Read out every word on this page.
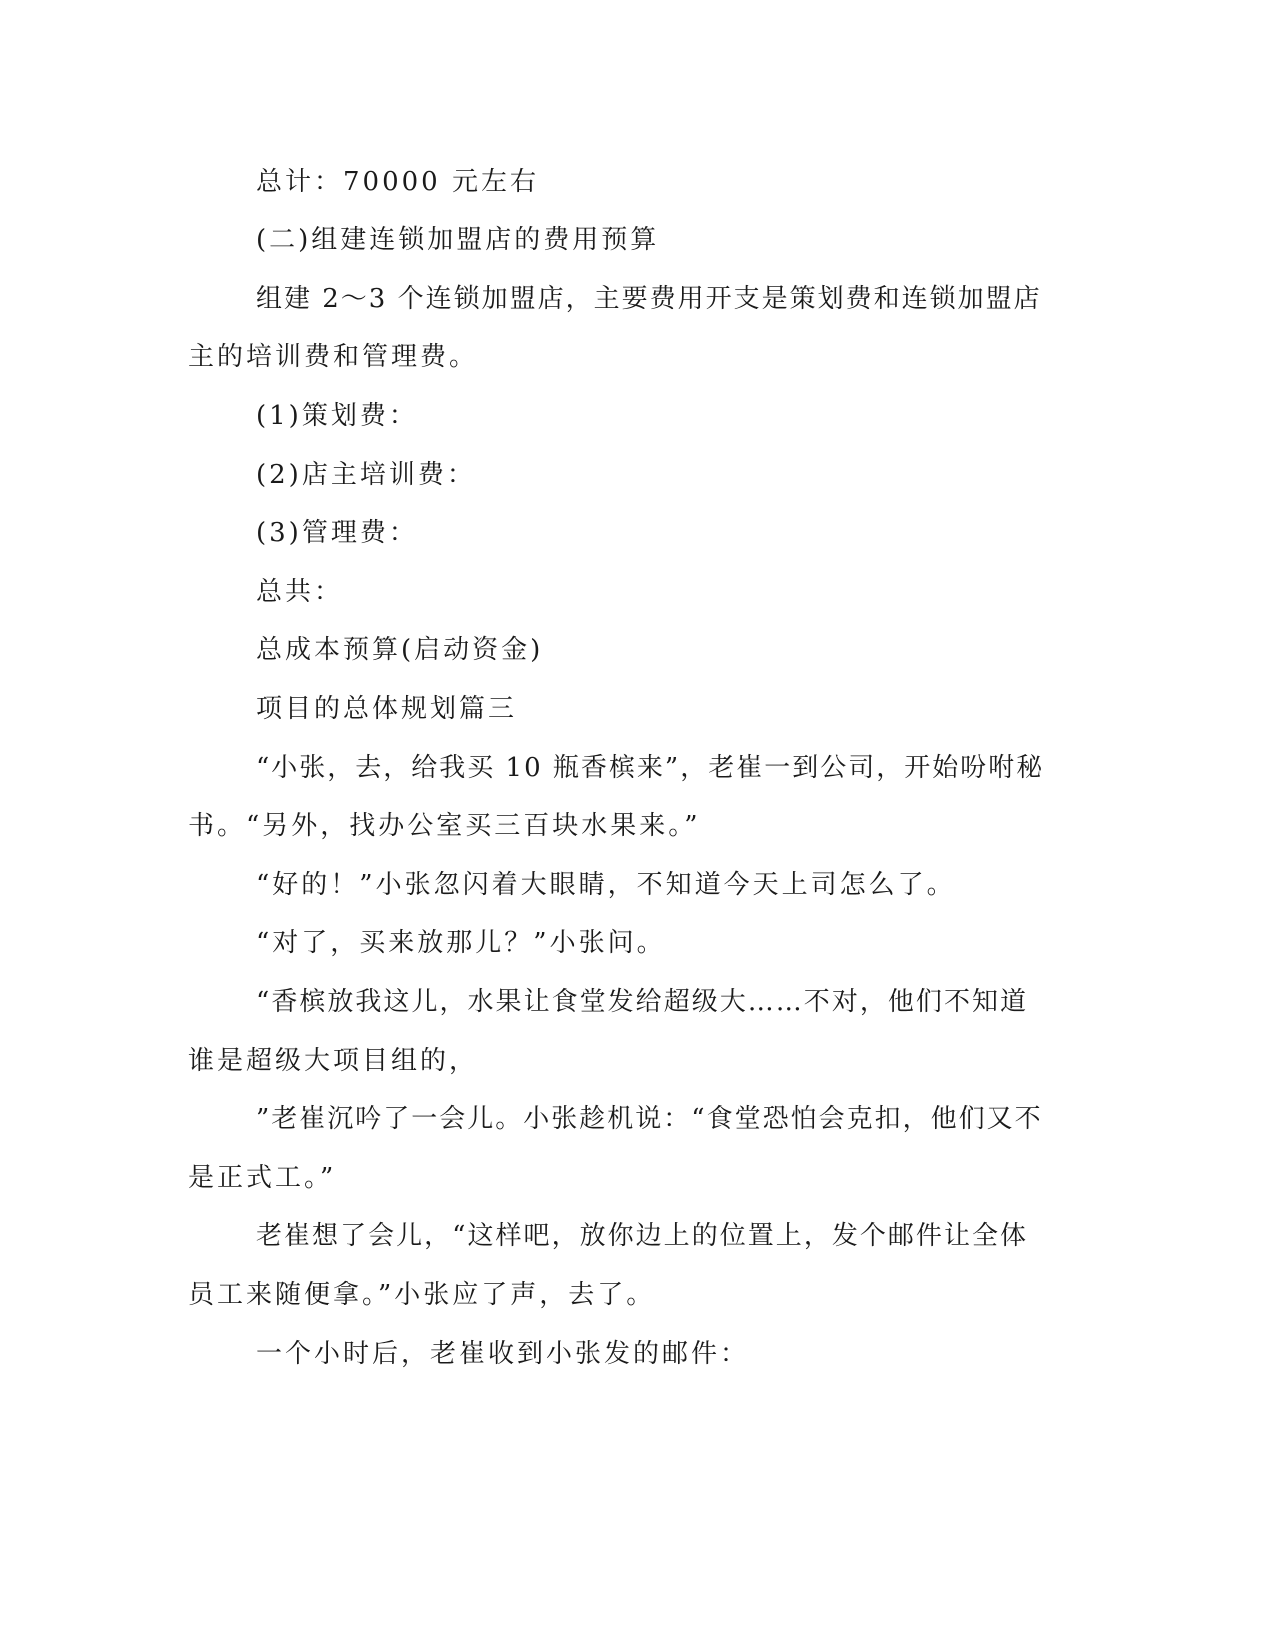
总计：70000 元左右

(二)组建连锁加盟店的费用预算

组建 2～3 个连锁加盟店，主要费用开支是策划费和连锁加盟店

主的培训费和管理费。

(1)策划费：

(2)店主培训费：

(3)管理费：

总共：

总成本预算(启动资金)

项目的总体规划篇三

“小张，去，给我买 10 瓶香槟来”，老崔一到公司，开始吩咐秘

书。“另外，找办公室买三百块水果来。”

“好的！”小张忽闪着大眼睛，不知道今天上司怎么了。

“对了，买来放那儿？”小张问。

“香槟放我这儿，水果让食堂发给超级大……不对，他们不知道

谁是超级大项目组的，

”老崔沉吟了一会儿。小张趁机说：“食堂恐怕会克扣，他们又不

是正式工。”

老崔想了会儿，“这样吧，放你边上的位置上，发个邮件让全体

员工来随便拿。”小张应了声，去了。

一个小时后，老崔收到小张发的邮件：
